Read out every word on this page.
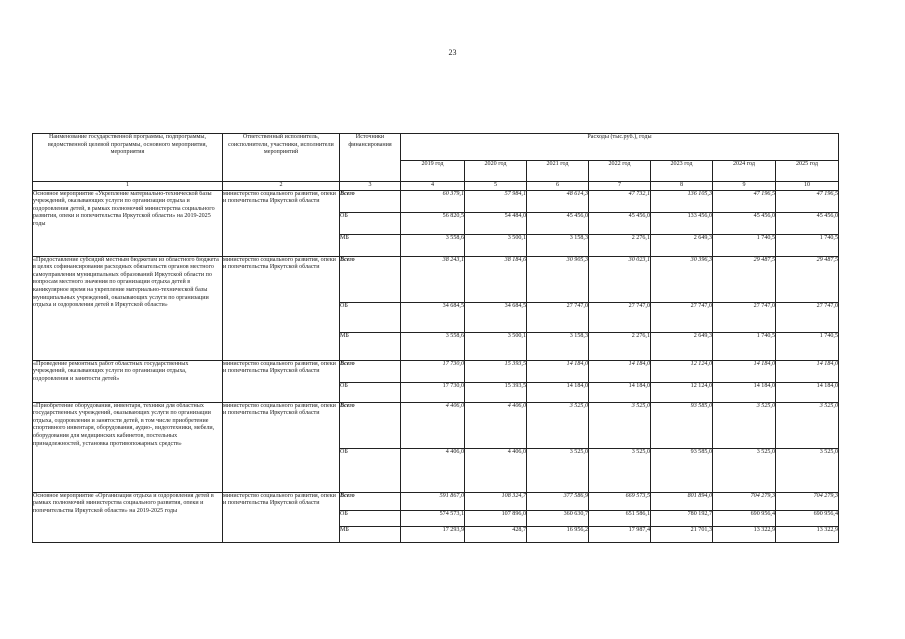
23
Наименование государственной программы, подпрограммы, ведомственной целевой программы, основного мероприятия, мероприятия	Ответственный исполнитель, соисполнители, участники, исполнители мероприятий	Источники финансирования	Расходы (тыс.руб.), годы						
			2019 год	2020 год	2021 год	2022 год	2023 год	2024 год	2025 год
1	2	3	4	5	6	7	8	9	10
Основное мероприятие «Укрепление материально-технической базы учреждений, оказывающих услуги по организации отдыха и оздоровления детей, в рамках полномочий министерства социального развития, опеки и попечительства Иркутской области» на 2019-2025 годы	министерство социального развития, опеки и попечительства Иркутской области	Всего	60 379,1	57 984,1	48 614,3	47 732,1	136 105,3	47 196,5	47 196,5
		ОБ	56 820,5	54 484,0	45 456,0	45 456,0	133 456,0	45 456,0	45 456,0
		МБ	3 558,6	3 500,1	3 158,3	2 276,1	2 649,3	1 740,5	1 740,5
«Предоставление субсидий местным бюджетам из областного бюджета в целях софинансирования расходных обязательств органов местного самоуправления муниципальных образований Иркутской области по вопросам местного значения по организации отдыха детей в каникулярное время на укрепление материально-технической базы муниципальных учреждений, оказывающих услуги по организации отдыха и оздоровления детей в Иркутской области»	министерство социального развития, опеки и попечительства Иркутской области	Всего	38 243,1	38 184,6	30 905,3	30 023,1	30 396,3	29 487,5	29 487,5
		ОБ	34 684,5	34 684,5	27 747,0	27 747,0	27 747,0	27 747,0	27 747,0
		МБ	3 558,6	3 500,1	3 158,3	2 276,1	2 649,3	1 740,5	1 740,5
«Проведение ремонтных работ областных государственных учреждений, оказывающих услуги по организации отдыха, оздоровления и занятости детей»	министерство социального развития, опеки и попечительства Иркутской области	Всего	17 730,0	15 393,5	14 184,0	14 184,0	12 124,0	14 184,0	14 184,0
		ОБ	17 730,0	15 393,5	14 184,0	14 184,0	12 124,0	14 184,0	14 184,0
«Приобретение оборудования, инвентаря, техники для областных государственных учреждений, оказывающих услуги по организации отдыха, оздоровления и занятости детей, в том числе приобретение спортивного инвентаря, оборудования, аудио-, видеотехники, мебели, оборудования для медицинских кабинетов, постельных принадлежностей, установка противопожарных средств»	министерство социального развития, опеки и попечительства Иркутской области	Всего	4 406,0	4 406,0	3 525,0	3 525,0	93 585,0	3 525,0	3 525,0
		ОБ	4 406,0	4 406,0	3 525,0	3 525,0	93 585,0	3 525,0	3 525,0
Основное мероприятие «Организация отдыха и оздоровления детей в рамках полномочий министерства социального развития, опеки и попечительства Иркутской области» на 2019-2025 годы	министерство социального развития, опеки и попечительства Иркутской области	Всего	591 867,0	108 324,7	377 586,9	669 573,5	801 894,0	704 279,3	704 279,3
		ОБ	574 573,1	107 896,0	360 630,7	651 586,1	780 192,7	690 956,4	690 956,4
		МБ	17 293,9	428,7	16 956,2	17 987,4	21 701,3	13 322,9	13 322,9
